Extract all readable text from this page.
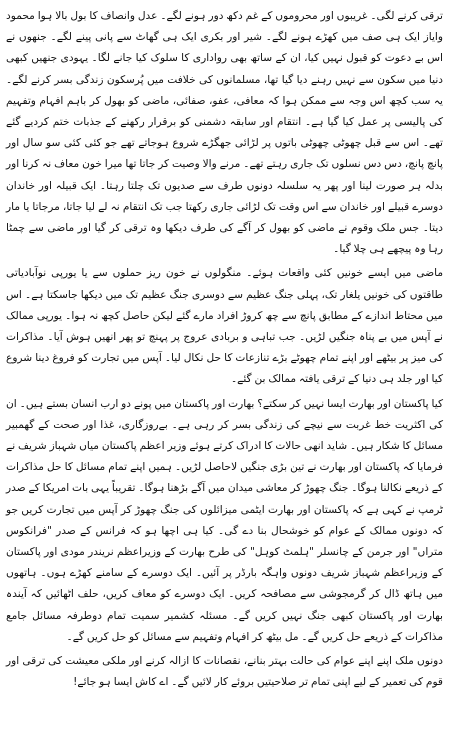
ترقی کرنے لگی۔ غریبوں اور محروموں کے غم دکھ دور ہونے لگے۔ عدل وانصاف کا بول بالا ہوا محمود وایاز ایک ہی صف میں کھڑے ہونے لگے۔ شیر اور بکری ایک ہی گھاٹ سے پانی پینے لگے۔ جنھوں نے اس بے دعوت کو قبول نہیں کیا، ان کے ساتھ بھی رواداری کا سلوک کیا جانے لگا۔ یہودی جنھیں کبھی دنیا میں سکون سے نہیں رہنے دیا گیا تھا، مسلمانوں کی خلافت میں پُرسکون زندگی بسر کرنے لگے۔ یہ سب کچھ اس وجہ سے ممکن ہوا کہ معافی، عفو، صفائی، ماضی کو بھول کر باہم افہام وتفہیم کی پالیسی پر عمل کیا گیا ہے۔ انتقام اور سابقہ دشمنی کو برقرار رکھنے کے جذبات ختم کردیے گئے تھے۔ اس سے قبل چھوٹی چھوٹی باتوں پر لڑائی جھگڑے شروع ہوجاتے تھے جو کئی کئی سو سال اور پانچ پانچ، دس دس نسلوں تک جاری رہتے تھے۔ مرنے والا وصیت کر جاتا تھا میرا خون معاف نہ کرنا اور بدلہ ہر صورت لینا اور پھر یہ سلسلہ دونوں طرف سے صدیوں تک چلتا رہتا۔ ایک قبیلہ اور خاندان دوسرے قبیلے اور خاندان سے اس وقت تک لڑائی جاری رکھتا جب تک انتقام نہ لے لیا جاتا، مرجاتا یا مار دیتا۔ جس ملک وقوم نے ماضی کو بھول کر آگے کی طرف دیکھا وہ ترقی کر گیا اور ماضی سے چمٹا رہا وہ پیچھے ہی چلا گیا۔

ماضی میں ایسے خونیں کئی واقعات ہوئے۔ منگولوں نے خون ریز حملوں سے یا یورپی نوآبادیاتی طاقتوں کی خونیں یلغار تک، پہلی جنگ عظیم سے دوسری جنگ عظیم تک میں دیکھا جاسکتا ہے۔ اس میں محتاط اندازے کے مطابق پانچ سے چھ کروڑ افراد مارے گئے لیکن حاصل کچھ نہ ہوا۔ یورپی ممالک نے آپس میں بے پناہ جنگیں لڑیں۔ جب تباہی و بربادی عروج پر پہنچ تو پھر انھیں ہوش آیا۔ مذاکرات کی میز پر بیٹھے اور اپنے تمام چھوٹے بڑے تنازعات کا حل نکال لیا۔ آپس میں تجارت کو فروغ دینا شروع کیا اور جلد ہی دنیا کے ترقی یافتہ ممالک بن گئے۔

کیا پاکستان اور بھارت ایسا نہیں کر سکتے؟ بھارت اور پاکستان میں پونے دو ارب انسان بستے ہیں۔ ان کی اکثریت خط غربت سے نیچے کی زندگی بسر کر رہی ہے۔ بےروزگاری، غذا اور صحت کے گھمبیر مسائل کا شکار ہیں۔ شاید انھی حالات کا ادراک کرتے ہوئے وزیر اعظم پاکستان میاں شہباز شریف نے فرمایا کہ پاکستان اور بھارت نے تین بڑی جنگیں لاحاصل لڑیں۔ ہمیں اپنے تمام مسائل کا حل مذاکرات کے ذریعے نکالنا ہوگا۔ جنگ چھوڑ کر معاشی میدان میں آگے بڑھنا ہوگا۔ تقریباً یہی بات امریکا کے صدر ٹرمپ نے کہی ہے کہ پاکستان اور بھارت ایٹمی میزائلوں کی جنگ چھوڑ کر آپس میں تجارت کریں جو کہ دونوں ممالک کے عوام کو خوشحال بنا دے گی۔ کیا ہی اچھا ہو کہ فرانس کے صدر "فرانکوس متراں" اور جرمن کے چانسلر "ہلمٹ کوہل" کی طرح بھارت کے وزیراعظم نریندر مودی اور پاکستان کے وزیراعظم شہباز شریف دونوں واہگہ بارڈر پر آئیں۔ ایک دوسرے کے سامنے کھڑے ہوں۔ ہاتھوں میں ہاتھ ڈال کر گرمجوشی سے مصافحہ کریں۔ ایک دوسرے کو معاف کریں، حلف اٹھائیں کہ آیندہ بھارت اور پاکستان کبھی جنگ نہیں کریں گے۔ مسئلہ کشمیر سمیت تمام دوطرفہ مسائل جامع مذاکرات کے ذریعے حل کریں گے۔ مل بیٹھ کر افہام وتفہیم سے مسائل کو حل کریں گے۔

دونوں ملک اپنے اپنے عوام کی حالت بہتر بنانے، نقصانات کا ازالہ کرنے اور ملکی معیشت کی ترقی اور قوم کی تعمیر کے لیے اپنی تمام تر صلاحیتیں بروئے کار لائیں گے۔ اے کاش ایسا ہو جائے!
